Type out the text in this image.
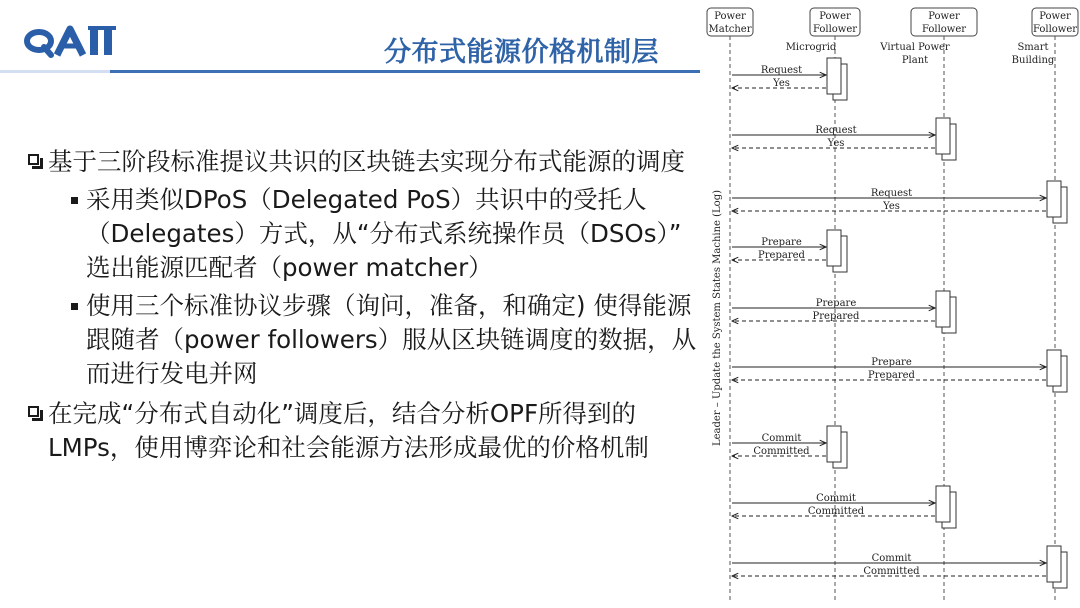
分布式能源价格机制层
基于三阶段标准提议共识的区块链去实现分布式能源的调度
采用类似DPoS（Delegated PoS）共识中的受托人（Delegates）方式，从“分布式系统操作员（DSOs）” 选出能源匹配者（power matcher）
使用三个标准协议步骤（询问，准备，和确定) 使得能源跟随者（power followers）服从区块链调度的数据，从而进行发电并网
在完成“分布式自动化”调度后，结合分析OPF所得到的LMPs，使用博弈论和社会能源方法形成最优的价格机制
Power
Matcher
Power
Follower
Microgrid
Power
Follower
Virtual Power
Plant
Power
Follower
Smart
Building
Leader – Update the System States Machine (Log)
Request
Yes
Request
Yes
Request
Yes
Prepare
Prepared
Prepare
Prepared
Prepare
Prepared
Commit
Committed
Commit
Committed
Commit
Committed
